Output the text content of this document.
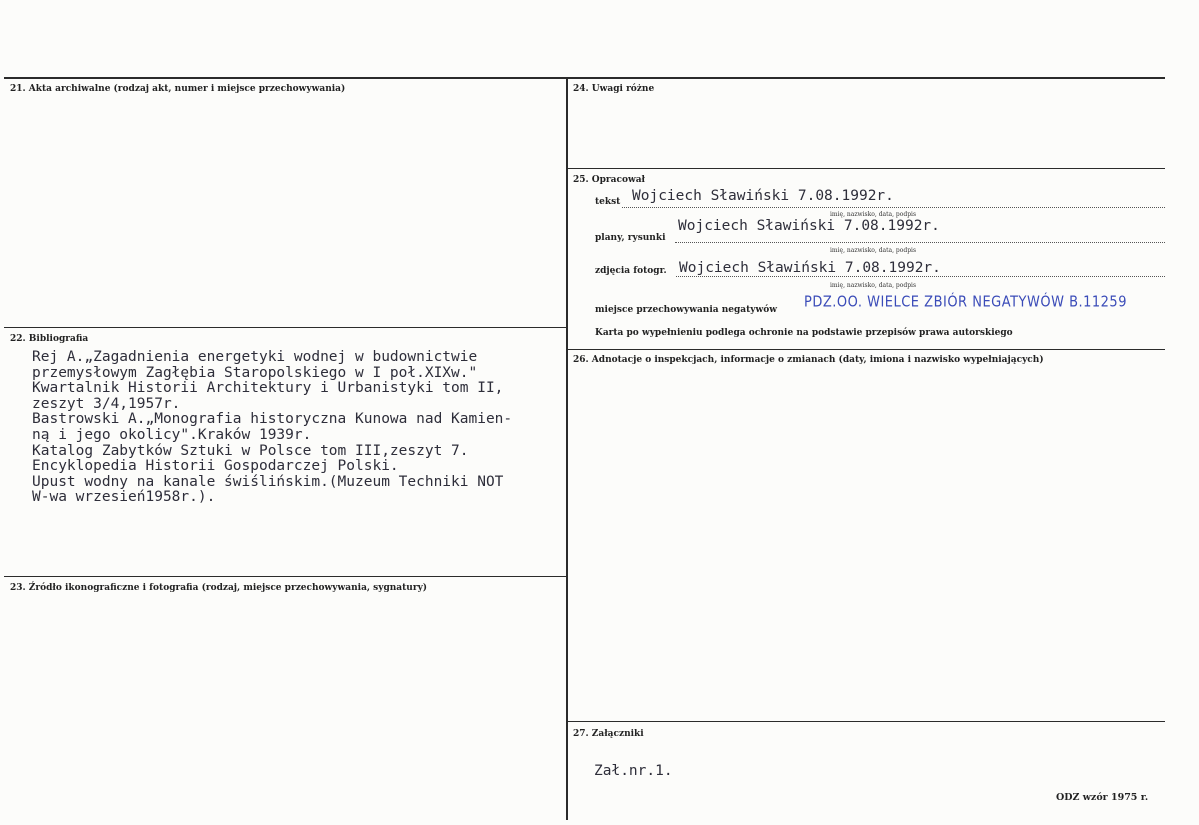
21. Akta archiwalne (rodzaj akt, numer i miejsce przechowywania)
22. Bibliografia
23. Źródło ikonograficzne i fotografia (rodzaj, miejsce przechowywania, sygnatury)
24. Uwagi różne
25. Opracował
26. Adnotacje o inspekcjach, informacje o zmianach (daty, imiona i nazwisko wypełniających)
27. Załączniki
tekst Wojciech Sławiński 7.08.1992r.
imię, nazwisko, data, podpis
plany, rysunki
Wojciech Sławiński 7.08.1992r.
imię, nazwisko, data, podpis
zdjęcia fotogr. Wojciech Sławiński 7.08.1992r.
imię, nazwisko, data, podpis
miejsce przechowywania negatywów PDZ.OO. WIELCE ZBIÓR NEGATYWÓW B.11259
Karta po wypełnieniu podlega ochronie na podstawie przepisów prawa autorskiego
Rej A.„Zagadnienia energetyki wodnej w budownictwie
przemysłowym Zagłębia Staropolskiego w I poł.XIXw."
Kwartalnik Historii Architektury i Urbanistyki tom II,
zeszyt 3/4,1957r.
Bastrowski A.„Monografia historyczna Kunowa nad Kamien-
ną i jego okolicy".Kraków 1939r.
Katalog Zabytków Sztuki w Polsce tom III,zeszyt 7.
Encyklopedia Historii Gospodarczej Polski.
Upust wodny na kanale świślińskim.(Muzeum Techniki NOT
W-wa wrzesień1958r.).
Zał.nr.1.
ODZ wzór 1975 r.
